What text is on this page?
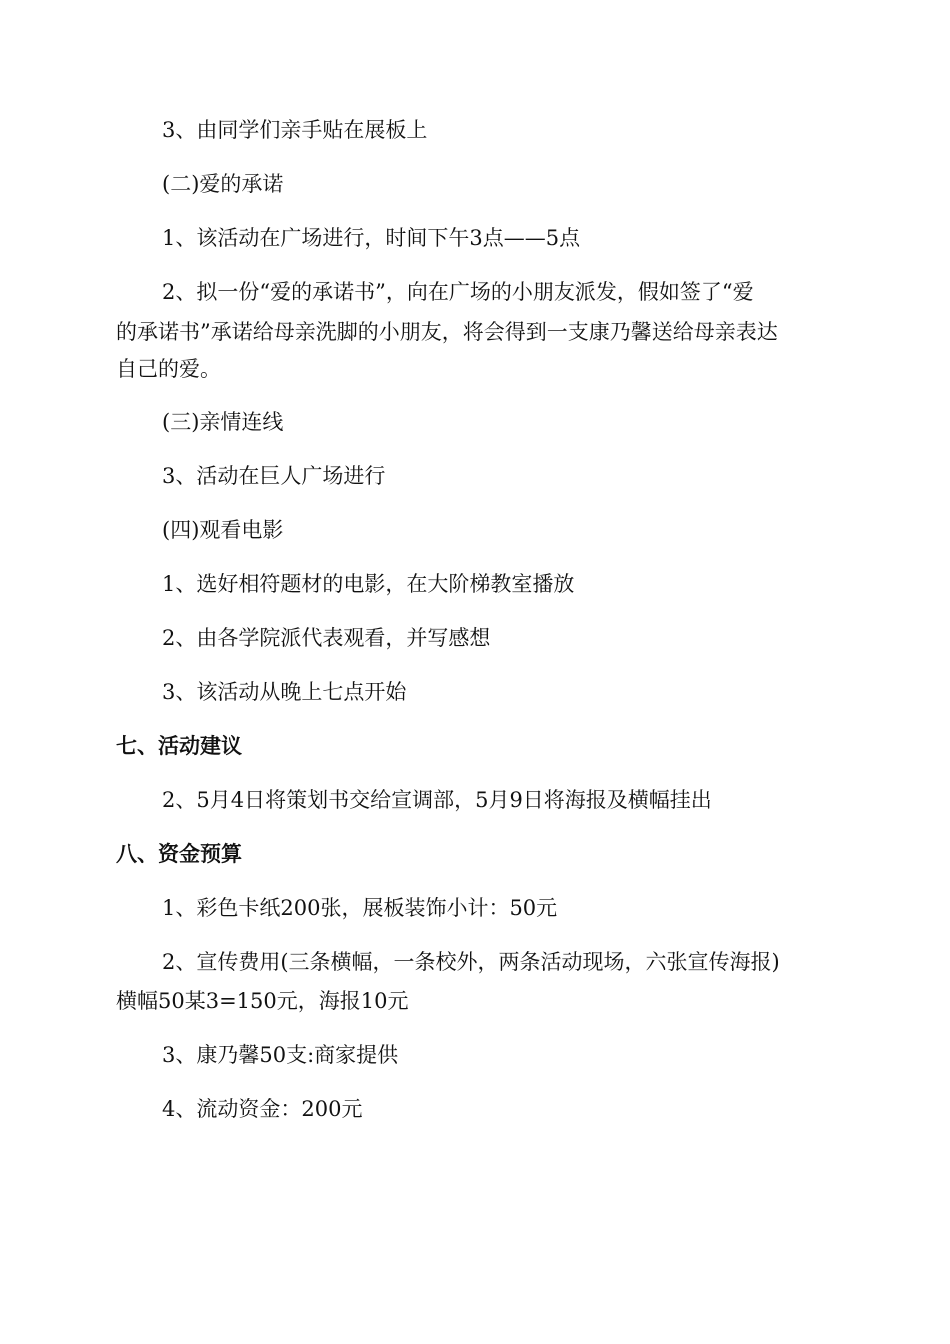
3、由同学们亲手贴在展板上
(二)爱的承诺
1、该活动在广场进行，时间下午3点——5点
2、拟一份“爱的承诺书”，向在广场的小朋友派发，假如签了“爱
的承诺书”承诺给母亲洗脚的小朋友，将会得到一支康乃馨送给母亲表达
自己的爱。
(三)亲情连线
3、活动在巨人广场进行
(四)观看电影
1、选好相符题材的电影，在大阶梯教室播放
2、由各学院派代表观看，并写感想
3、该活动从晚上七点开始
七、活动建议
2、5月4日将策划书交给宣调部，5月9日将海报及横幅挂出
八、资金预算
1、彩色卡纸200张，展板装饰小计：50元
2、宣传费用(三条横幅，一条校外，两条活动现场，六张宣传海报)
横幅50某3=150元，海报10元
3、康乃馨50支:商家提供
4、流动资金：200元
